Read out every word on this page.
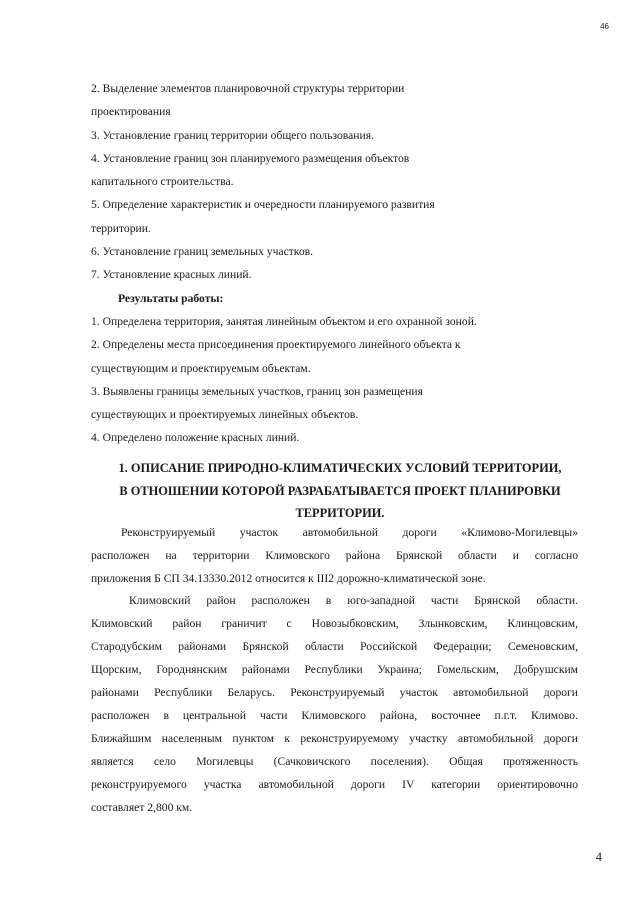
46

2. Выделение элементов планировочной структуры территории

проектирования

3. Установление границ территории общего пользования.

4. Установление границ зон планируемого размещения объектов

капитального строительства.

5. Определение характеристик и очередности планируемого развития

территории.

6. Установление границ земельных участков.

7. Установление красных линий.

Результаты работы:

1. Определена территория, занятая линейным объектом и его охранной зоной.

2. Определены места присоединения проектируемого линейного объекта к

существующим и проектируемым объектам.

3. Выявлены границы земельных участков, границ зон размещения

существующих и проектируемых линейных объектов.

4. Определено положение красных линий.

1. ОПИСАНИЕ ПРИРОДНО-КЛИМАТИЧЕСКИХ УСЛОВИЙ ТЕРРИТОРИИ,

В ОТНОШЕНИИ КОТОРОЙ РАЗРАБАТЫВАЕТСЯ ПРОЕКТ ПЛАНИРОВКИ

ТЕРРИТОРИИ.

Реконструируемый участок автомобильной дороги «Климово-Могилевцы»

расположен на территории Климовского района Брянской области и согласно

приложения Б СП 34.13330.2012 относится к III2 дорожно-климатической зоне.

Климовский район расположен в юго-западной части Брянской области.

Климовский район граничит с Новозыбковским, Злынковским, Клинцовским,

Стародубским районами Брянской области Российской Федерации; Семеновским,

Щорским, Городнянским районами Республики Украина; Гомельским, Добрушским

районами Республики Беларусь. Реконструируемый участок автомобильной дороги

расположен в центральной части Климовского района, восточнее п.г.т. Климово.

Ближайшим населенным пунктом к реконструируемому участку автомобильной дороги

является село Могилевцы (Сачковичского поселения). Общая протяженность

реконструируемого участка автомобильной дороги IV категории ориентировочно

составляет 2,800 км.

4
